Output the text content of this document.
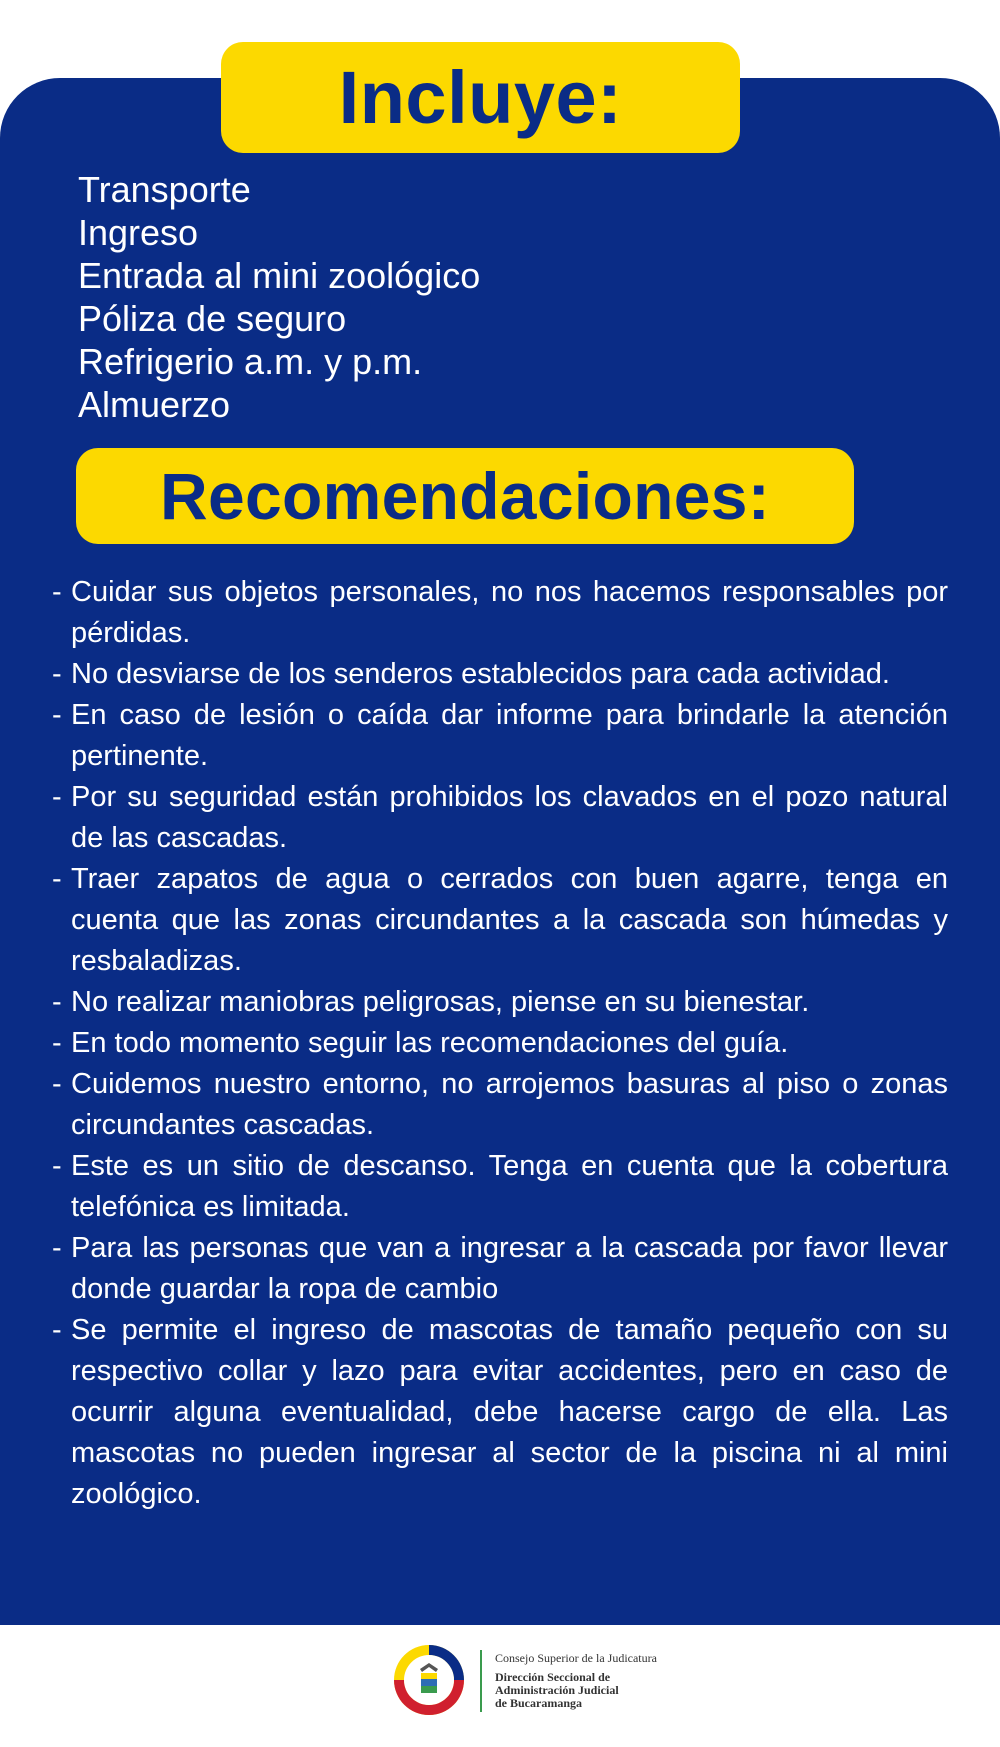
Incluye:
Transporte
Ingreso
Entrada al mini zoológico
Póliza de seguro
Refrigerio a.m. y p.m.
Almuerzo
Recomendaciones:
- Cuidar sus objetos personales, no nos hacemos responsables por pérdidas.
- No desviarse de los senderos establecidos para cada actividad.
- En caso de lesión o caída dar informe para brindarle la atención pertinente.
- Por su seguridad están prohibidos los clavados en el pozo natural de las cascadas.
- Traer zapatos de agua o cerrados con buen agarre, tenga en cuenta que las zonas circundantes a la cascada son húmedas y resbaladizas.
- No realizar maniobras peligrosas, piense en su bienestar.
- En todo momento seguir las recomendaciones del guía.
- Cuidemos nuestro entorno, no arrojemos basuras al piso o zonas circundantes cascadas.
- Este es un sitio de descanso. Tenga en cuenta que la cobertura telefónica es limitada.
- Para las personas que van a ingresar a la cascada por favor llevar donde guardar la ropa de cambio
- Se permite el ingreso de mascotas de tamaño pequeño con su respectivo collar y lazo para evitar accidentes, pero en caso de ocurrir alguna eventualidad, debe hacerse cargo de ella. Las mascotas no pueden ingresar al sector de la piscina ni al mini zoológico.
Consejo Superior de la Judicatura
Dirección Seccional de
Administración Judicial
de Bucaramanga
